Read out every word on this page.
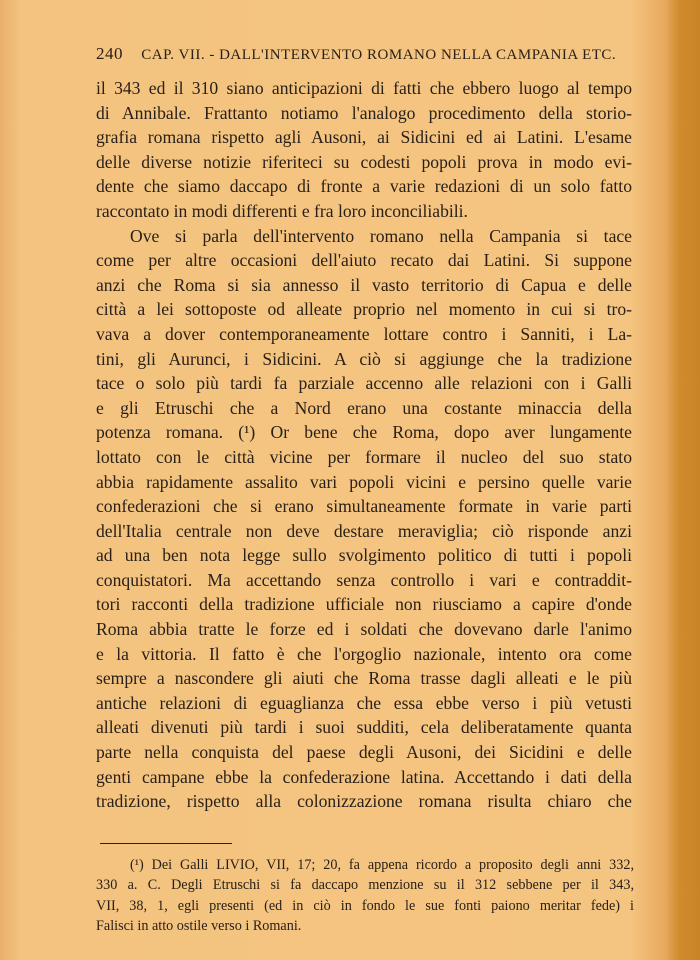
240 CAP. VII. - DALL'INTERVENTO ROMANO NELLA CAMPANIA ETC.
il 343 ed il 310 siano anticipazioni di fatti che ebbero luogo al tempo
di Annibale. Frattanto notiamo l'analogo procedimento della storio-
grafia romana rispetto agli Ausoni, ai Sidicini ed ai Latini. L'esame
delle diverse notizie riferiteci su codesti popoli prova in modo evi-
dente che siamo daccapo di fronte a varie redazioni di un solo fatto
raccontato in modi differenti e fra loro inconciliabili.
Ove si parla dell'intervento romano nella Campania si tace
come per altre occasioni dell'aiuto recato dai Latini. Si suppone
anzi che Roma si sia annesso il vasto territorio di Capua e delle
città a lei sottoposte od alleate proprio nel momento in cui si tro-
vava a dover contemporaneamente lottare contro i Sanniti, i La-
tini, gli Aurunci, i Sidicini. A ciò si aggiunge che la tradizione
tace o solo più tardi fa parziale accenno alle relazioni con i Galli
e gli Etruschi che a Nord erano una costante minaccia della
potenza romana. (¹) Or bene che Roma, dopo aver lungamente
lottato con le città vicine per formare il nucleo del suo stato
abbia rapidamente assalito vari popoli vicini e persino quelle varie
confederazioni che si erano simultaneamente formate in varie parti
dell'Italia centrale non deve destare meraviglia; ciò risponde anzi
ad una ben nota legge sullo svolgimento politico di tutti i popoli
conquistatori. Ma accettando senza controllo i vari e contraddit-
tori racconti della tradizione ufficiale non riusciamo a capire d'onde
Roma abbia tratte le forze ed i soldati che dovevano darle l'animo
e la vittoria. Il fatto è che l'orgoglio nazionale, intento ora come
sempre a nascondere gli aiuti che Roma trasse dagli alleati e le più
antiche relazioni di eguaglianza che essa ebbe verso i più vetusti
alleati divenuti più tardi i suoi sudditi, cela deliberatamente quanta
parte nella conquista del paese degli Ausoni, dei Sicidini e delle
genti campane ebbe la confederazione latina. Accettando i dati della
tradizione, rispetto alla colonizzazione romana risulta chiaro che
(¹) Dei Galli LIVIO, VII, 17; 20, fa appena ricordo a proposito degli anni 332,
330 a. C. Degli Etruschi si fa daccapo menzione su il 312 sebbene per il 343,
VII, 38, 1, egli presenti (ed in ciò in fondo le sue fonti paiono meritar fede) i
Falisci in atto ostile verso i Romani.
